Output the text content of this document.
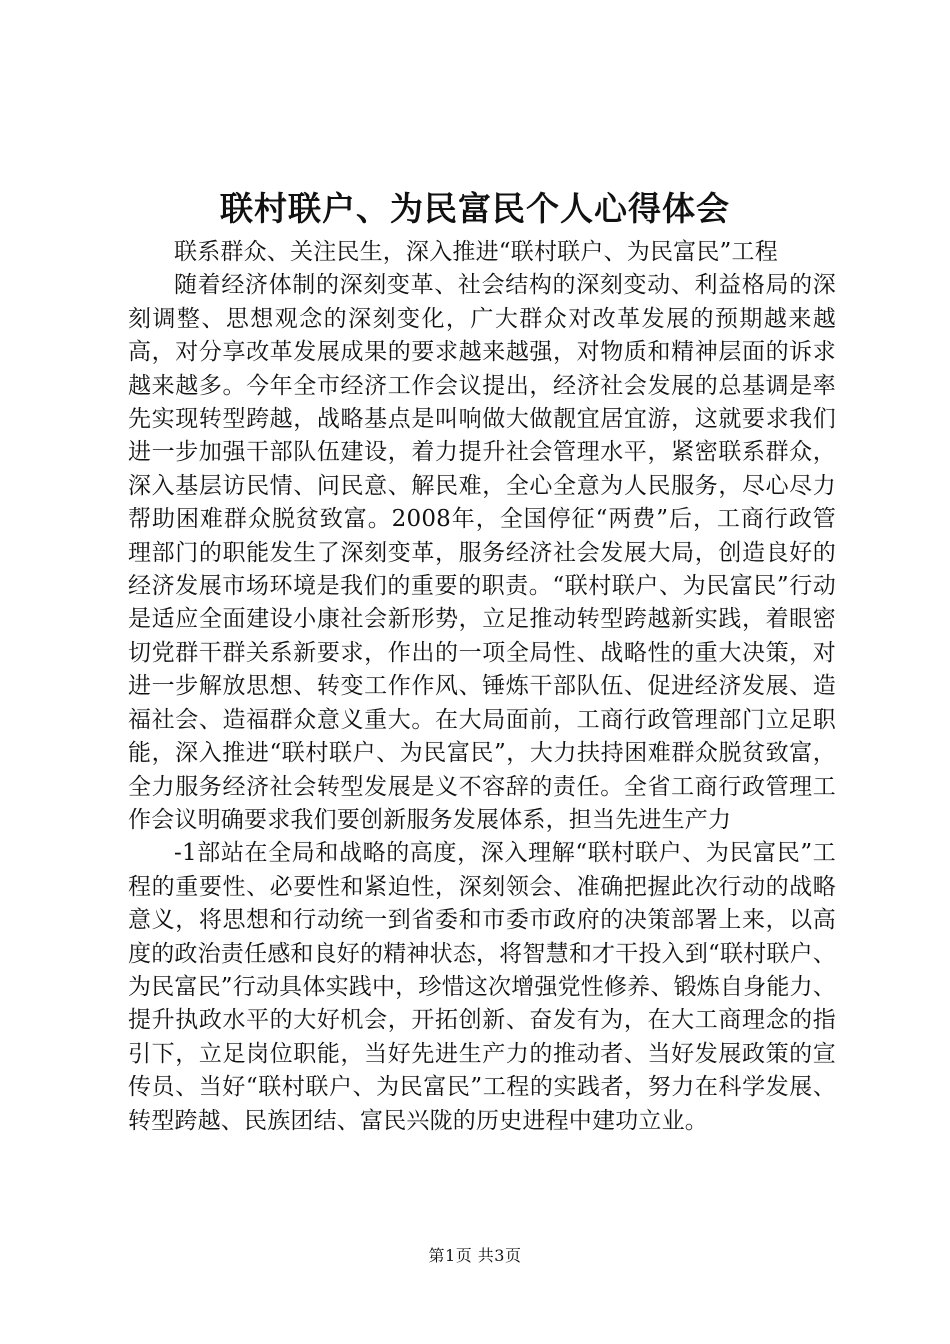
联村联户、为民富民个人心得体会

联系群众、关注民生，深入推进“联村联户、为民富民”工程

随着经济体制的深刻变革、社会结构的深刻变动、利益格局的深刻调整、思想观念的深刻变化，广大群众对改革发展的预期越来越高，对分享改革发展成果的要求越来越强，对物质和精神层面的诉求越来越多。今年全市经济工作会议提出，经济社会发展的总基调是率先实现转型跨越，战略基点是叫响做大做靓宜居宜游，这就要求我们进一步加强干部队伍建设，着力提升社会管理水平，紧密联系群众，深入基层访民情、问民意、解民难，全心全意为人民服务，尽心尽力帮助困难群众脱贫致富。2008年，全国停征“两费”后，工商行政管理部门的职能发生了深刻变革，服务经济社会发展大局，创造良好的经济发展市场环境是我们的重要的职责。“联村联户、为民富民”行动是适应全面建设小康社会新形势，立足推动转型跨越新实践，着眼密切党群干群关系新要求，作出的一项全局性、战略性的重大决策，对进一步解放思想、转变工作作风、锤炼干部队伍、促进经济发展、造福社会、造福群众意义重大。在大局面前，工商行政管理部门立足职能，深入推进“联村联户、为民富民”，大力扶持困难群众脱贫致富，全力服务经济社会转型发展是义不容辞的责任。全省工商行政管理工作会议明确要求我们要创新服务发展体系，担当先进生产力

-1部站在全局和战略的高度，深入理解“联村联户、为民富民”工程的重要性、必要性和紧迫性，深刻领会、准确把握此次行动的战略意义，将思想和行动统一到省委和市委市政府的决策部署上来，以高度的政治责任感和良好的精神状态，将智慧和才干投入到“联村联户、为民富民”行动具体实践中，珍惜这次增强党性修养、锻炼自身能力、提升执政水平的大好机会，开拓创新、奋发有为，在大工商理念的指引下，立足岗位职能，当好先进生产力的推动者、当好发展政策的宣传员、当好“联村联户、为民富民”工程的实践者，努力在科学发展、转型跨越、民族团结、富民兴陇的历史进程中建功立业。

第1页 共3页
